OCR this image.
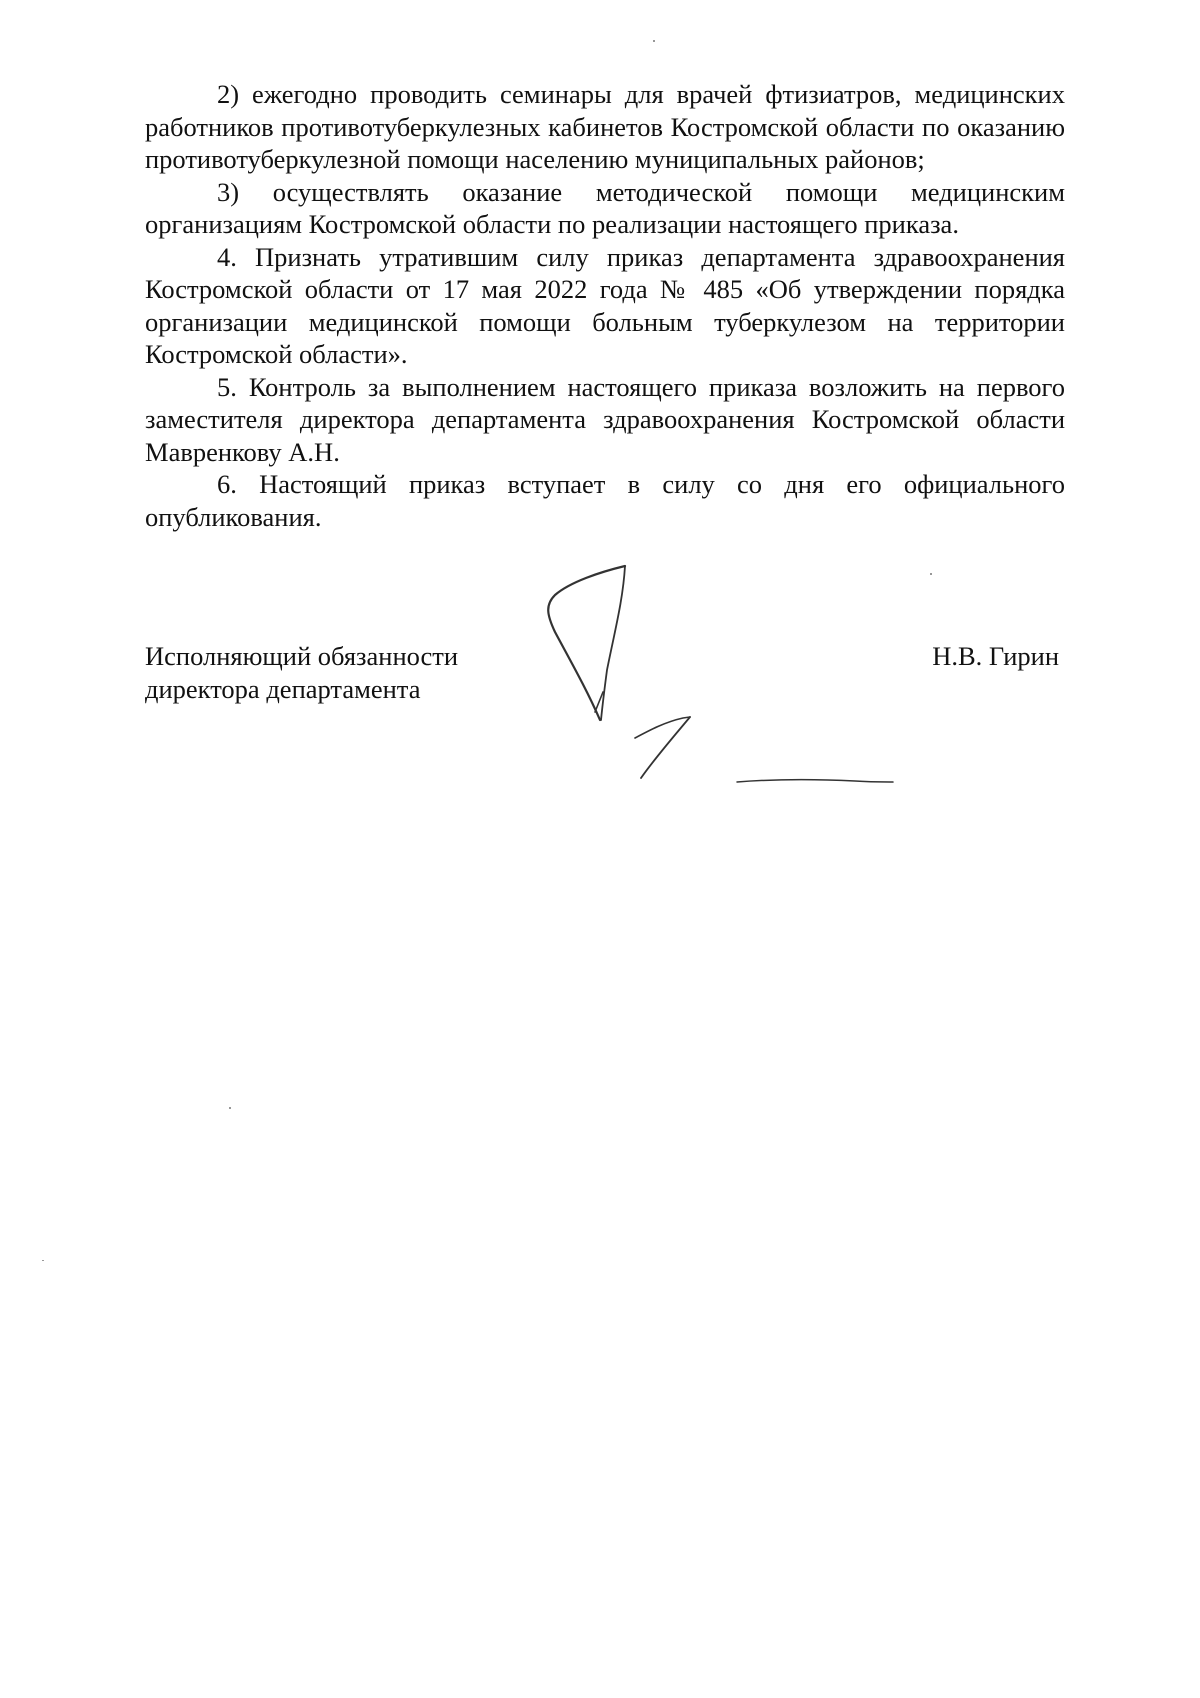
2) ежегодно проводить семинары для врачей фтизиатров, медицинских работников противотуберкулезных кабинетов Костромской области по оказанию противотуберкулезной помощи населению муниципальных районов;

3) осуществлять оказание методической помощи медицинским организациям Костромской области по реализации настоящего приказа.

4. Признать утратившим силу приказ департамента здравоохранения Костромской области от 17 мая 2022 года № 485 «Об утверждении порядка организации медицинской помощи больным туберкулезом на территории Костромской области».

5. Контроль за выполнением настоящего приказа возложить на первого заместителя директора департамента здравоохранения Костромской области Мавренкову А.Н.

6. Настоящий приказ вступает в силу со дня его официального опубликования.

Исполняющий обязанности
директора департамента
Н.В. Гирин
